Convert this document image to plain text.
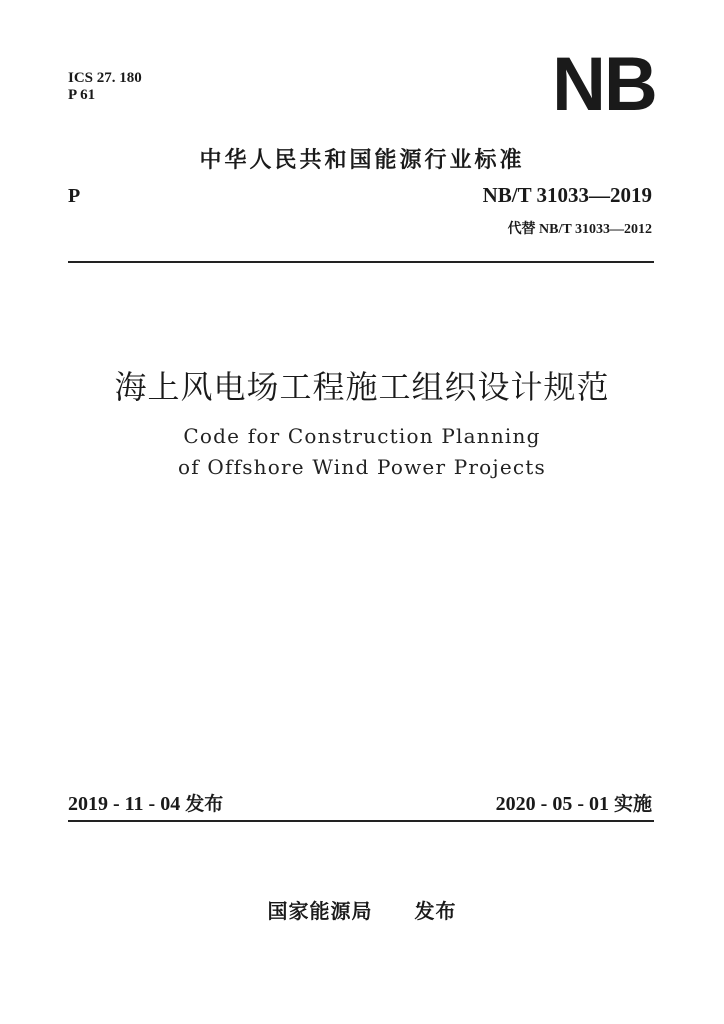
ICS 27. 180
P 61	NB
中华人民共和国能源行业标准
P	NB/T 31033—2019
代替 NB/T 31033—2012
海上风电场工程施工组织设计规范
Code for Construction Planning
of Offshore Wind Power Projects
2019 - 11 - 04 发布	2020 - 05 - 01 实施
国家能源局 发布
